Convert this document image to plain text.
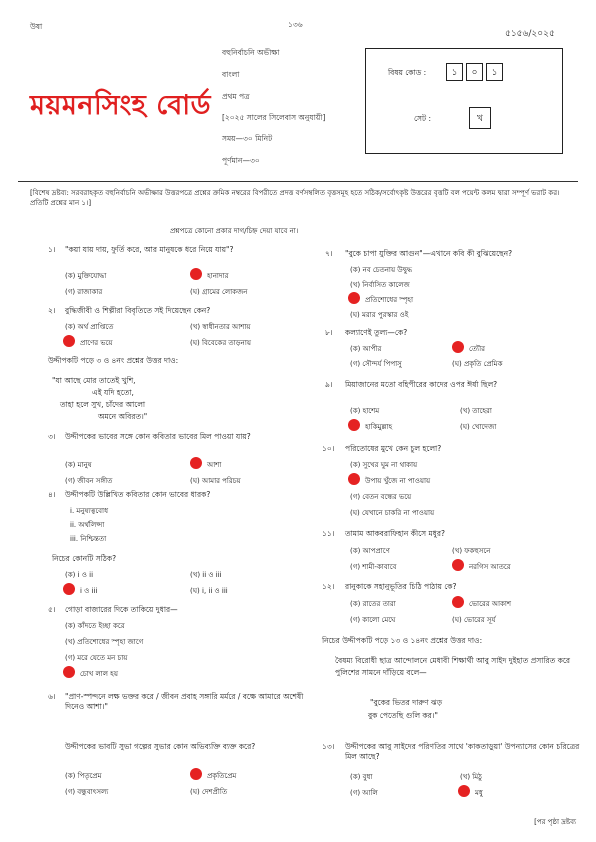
উষা	১৩৬
৫১৫৬/২০২৫
বহুনির্বাচনি অভীক্ষা
বাংলা
প্রথম পত্র
[২০২৫ সালের সিলেবাস অনুযায়ী]
সময়—৩০ মিনিট
পূর্ণমান—৩০
ময়মনসিংহ বোর্ড
বিষয় কোড :	১	০	১
সেট :	খ
[বিশেষ দ্রষ্টব্য: সরবরাহকৃত বহুনির্বাচনি অভীক্ষার উত্তরপত্রে প্রশ্নের ক্রমিক নম্বরের বিপরীতে প্রদত্ত বর্ণসম্বলিত বৃত্তসমূহ হতে সঠিক/সর্বোৎকৃষ্ট উত্তরের বৃত্তটি বল পয়েন্ট কলম দ্বারা সম্পূর্ণ ভরাট কর। প্রতিটি প্রশ্নের মান ১।]
প্রশ্নপত্রে কোনো প্রকার দাগ/চিহ্ন দেয়া যাবে না।
১। "কয়া যায় দায়, ফুর্তি করে, আর মানুষকে ধরে নিয়ে যায়"?
(ক) মুক্তিযোদ্ধা	হানাদার
(গ) রাজাকার	(ঘ) গ্রামের লোকজন
২। বুদ্ধিজীবী ও শিল্পীরা বিবৃতিতে সই দিয়েছেন কেন?
(ক) অর্থ প্রাপ্তিতে	(খ) স্বাধীনতার আশায়
প্রাণের ভয়ে	(ঘ) বিবেকের তাড়নায়
উদ্দীপকটি পড়ে ৩ ও ৪নং প্রশ্নের উত্তর দাও:
"যা আছে মোর তাতেই খুশি,
এই যদি হতো,
তাহা হলে সুখ, চাঁদের আলো
অমনে অবিরত।"
৩। উদ্দীপকের ভাবের সঙ্গে কোন কবিতার ভাবের মিল পাওয়া যায়?
(ক) মানুষ	আশা
(গ) জীবন সঙ্গীত	(ঘ) আমার পরিচয়
৪। উদ্দীপকটি উল্লিখিত কবিতার কোন ভাবের ধারক?
i. মনুষ্যত্ববোধ
ii. অর্থলিপ্সা
iii. নিশ্চিন্ততা
নিচের কোনটি সঠিক?
(ক) i ও ii	(খ) ii ও iii
i ও iii	(ঘ) i, ii ও iii
৫। গোড়া বাজারের দিকে তাকিয়ে দুধার—
(ক) কাঁদতে ইচ্ছা করে
(খ) প্রতিশোধের স্পৃহা জাগে
(গ) মরে যেতে মন চায়
চোখ লাল হয়
৬। "প্রাণ-স্পন্দনে লক্ষ ভক্তর করে / জীবন প্রবাহ সঙ্গারি মর্মরে / বক্ষে আমারে অশেষী দিনেও আশা।"
উদ্দীপকের ভাবটি সুভা গল্পের সুভার কোন অভিব্যক্তি ব্যক্ত করে?
(ক) পিতৃপ্রেম	প্রকৃতিপ্রেম
(গ) বন্ধুবাৎসল্য	(ঘ) দেশপ্রীতি
৭। "বুকে চাপা যুক্তির আগুন"—এখানে কবি কী বুঝিয়েছেন?
(ক) নব চেতনায় উদ্বুদ্ধ
(খ) নির্বাসিত কালেজ
প্রতিশোধের স্পৃহা
(ঘ) মরার পুরস্কার ওই
৮। কল্যাণেই তুল্য—কে?
(ক) আপীর	ত্যৌর
(গ) সৌন্দর্য পিপাসু	(ঘ) প্রকৃতি প্রেমিক
৯। মিয়াজানের মতো বহিপীরের কাদের ওপর ঈর্ষা ছিল?
(ক) হাশেম	(খ) তাহেরা
হাকিমুল্লাহ	(ঘ) খোদেজা
১০। পরিতোষের মুখে কেন চুল হলো?
(ক) সুখের ঘুম না থাকায়
উপায় খুঁজে না পাওয়ায়
(গ) বেতন বন্ধের ভয়ে
(ঘ) যেখানে চাকরি না পাওয়ায়
১১। তামাম আকবরাফিহান কীসে মধুর?
(ক) আপপ্রাণে	(খ) ফকহুসনে
(গ) শামী-কাবাবে	নরগিস আতরে
১২। রানুকাকে সহানুভূতির চিঠি পাঠায় কে?
(ক) রাতের তারা	ভোরের আকাশ
(গ) কালো মেঘে	(ঘ) ভোরের সূর্য
নিচের উদ্দীপকটি পড়ে ১৩ ও ১৪নং প্রশ্নের উত্তর দাও:
বৈষম্য বিরোধী ছাত্র আন্দোলনে মেধাবী শিক্ষার্থী আবু সাইদ দুইহাত প্রসারিত করে পুলিশের সামনে দাঁড়িয়ে বলে—
"বুকের ভিতর দারুণ ঝড়
বুক পেতেছি গুলি কর।"
১৩। উদ্দীপকের আবু সাইদের পরিণতির সাথে 'কাকতাড়ুয়া' উপন্যাসের কোন চরিত্রের মিল আছে?
(ক) বুধা	(খ) মিঠু
(গ) আলি	মধু
[পর পৃষ্ঠা দ্রষ্টব্য
